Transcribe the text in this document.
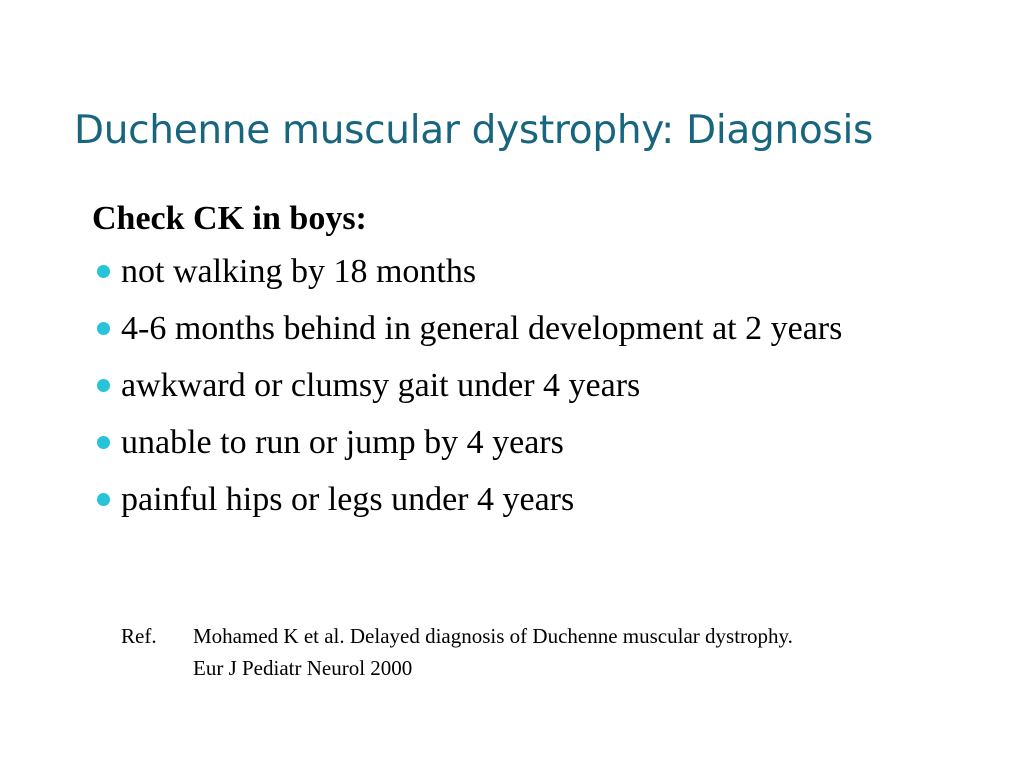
Duchenne muscular dystrophy: Diagnosis
Check CK in boys:
not walking by 18 months
4-6 months behind in general development at 2 years
awkward or clumsy gait under 4 years
unable to run or jump by 4 years
painful hips or legs under 4 years
Ref.	Mohamed K et al. Delayed diagnosis of Duchenne muscular dystrophy.
Eur J Pediatr Neurol 2000
